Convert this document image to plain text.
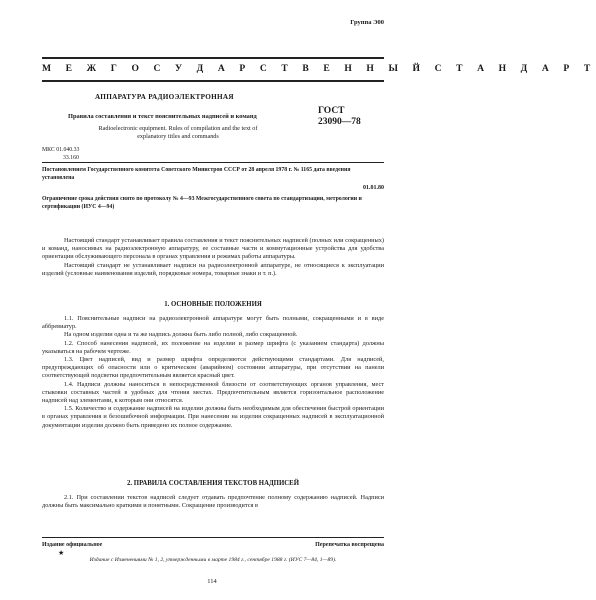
Группа Э00
М Е Ж Г О С У Д А Р С Т В Е Н Н Ы Й С Т А Н Д А Р Т
АППАРАТУРА РАДИОЭЛЕКТРОННАЯ
Правила составления и текст пояснительных надписей и команд
Radioelectronic equipment. Rules of compilation and the text of explanatory titles and commands
ГОСТ
23090—78
МКС 01.040.33
33.160
Постановлением Государственного комитета Советского Министров СССР от 28 апреля 1978 г. № 1165 дата введения установлена
01.01.80
Ограничение срока действия снято по протоколу № 4—93 Межгосударственного совета по стандартизации, метрологии и сертификации (ИУС 4—94)

Настоящий стандарт устанавливает правила составления и текст пояснительных надписей (полных или сокращенных) и команд, наносимых на радиоэлектронную аппаратуру, ее составные части и коммутационные устройства для удобства ориентации обслуживающего персонала в органах управления и режимах работы аппаратуры.

Настоящий стандарт не устанавливает надписи на радиоэлектронной аппаратуре, не относящиеся к эксплуатации изделий (условные наименования изделий, порядковые номера, товарные знаки и т. п.).

1. ОСНОВНЫЕ ПОЛОЖЕНИЯ

1.1. Пояснительные надписи на радиоэлектронной аппаратуре могут быть полными, сокращенными и в виде аббревиатур.

На одном изделии одна и та же надпись должна быть либо полной, либо сокращенной.

1.2. Способ нанесения надписей, их положение на изделии и размер шрифта (с указанием стандарта) должны указываться на рабочем чертеже.

1.3. Цвет надписей, вид и размер шрифта определяются действующими стандартами. Для надписей, предупреждающих об опасности или о критическом (аварийном) состоянии аппаратуры, при отсутствии на панели соответствующей подсветки предпочтительным является красный цвет.

1.4. Надписи должны наноситься в непосредственной близости от соответствующих органов управления, мест стыковки составных частей в удобных для чтения местах. Предпочтительным является горизонтальное расположение надписей над элементами, к которым они относятся.

1.5. Количество и содержание надписей на изделии должны быть необходимым для обеспечения быстрой ориентации в органах управления и безошибочной информации. При нанесении на изделия сокращенных надписей в эксплуатационной документации изделия должно быть приведено их полное содержание.

2. ПРАВИЛА СОСТАВЛЕНИЯ ТЕКСТОВ НАДПИСЕЙ

2.1. При составлении текстов надписей следует отдавать предпочтение полному содержанию надписей. Надписи должны быть максимально краткими и понятными. Сокращение производится в

Издание официальное	Перепечатка воспрещена
★
Издание с Изменениями № 1, 2, утвержденными в марте 1984 г., сентябре 1988 г. (ИУС 7—84, 1—89).
114
